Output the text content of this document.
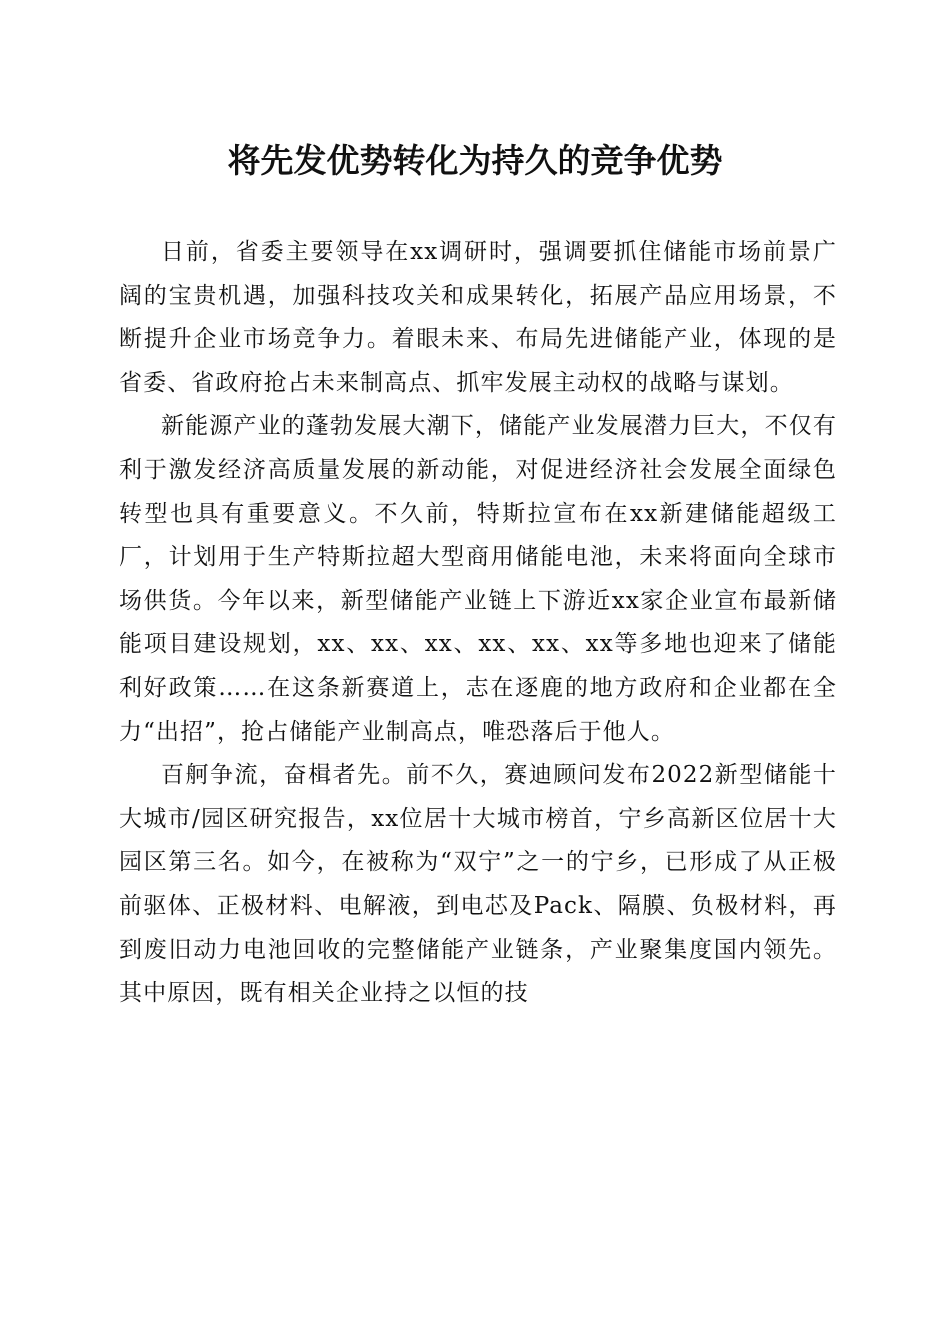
将先发优势转化为持久的竞争优势

日前，省委主要领导在xx调研时，强调要抓住储能市场前景广阔的宝贵机遇，加强科技攻关和成果转化，拓展产品应用场景，不断提升企业市场竞争力。着眼未来、布局先进储能产业，体现的是省委、省政府抢占未来制高点、抓牢发展主动权的战略与谋划。

新能源产业的蓬勃发展大潮下，储能产业发展潜力巨大，不仅有利于激发经济高质量发展的新动能，对促进经济社会发展全面绿色转型也具有重要意义。不久前，特斯拉宣布在xx新建储能超级工厂，计划用于生产特斯拉超大型商用储能电池，未来将面向全球市场供货。今年以来，新型储能产业链上下游近xx家企业宣布最新储能项目建设规划，xx、xx、xx、xx、xx、xx等多地也迎来了储能利好政策……在这条新赛道上，志在逐鹿的地方政府和企业都在全力“出招”，抢占储能产业制高点，唯恐落后于他人。

百舸争流，奋楫者先。前不久，赛迪顾问发布2022新型储能十大城市/园区研究报告，xx位居十大城市榜首，宁乡高新区位居十大园区第三名。如今，在被称为“双宁”之一的宁乡，已形成了从正极前驱体、正极材料、电解液，到电芯及Pack、隔膜、负极材料，再到废旧动力电池回收的完整储能产业链条，产业聚集度国内领先。其中原因，既有相关企业持之以恒的技
